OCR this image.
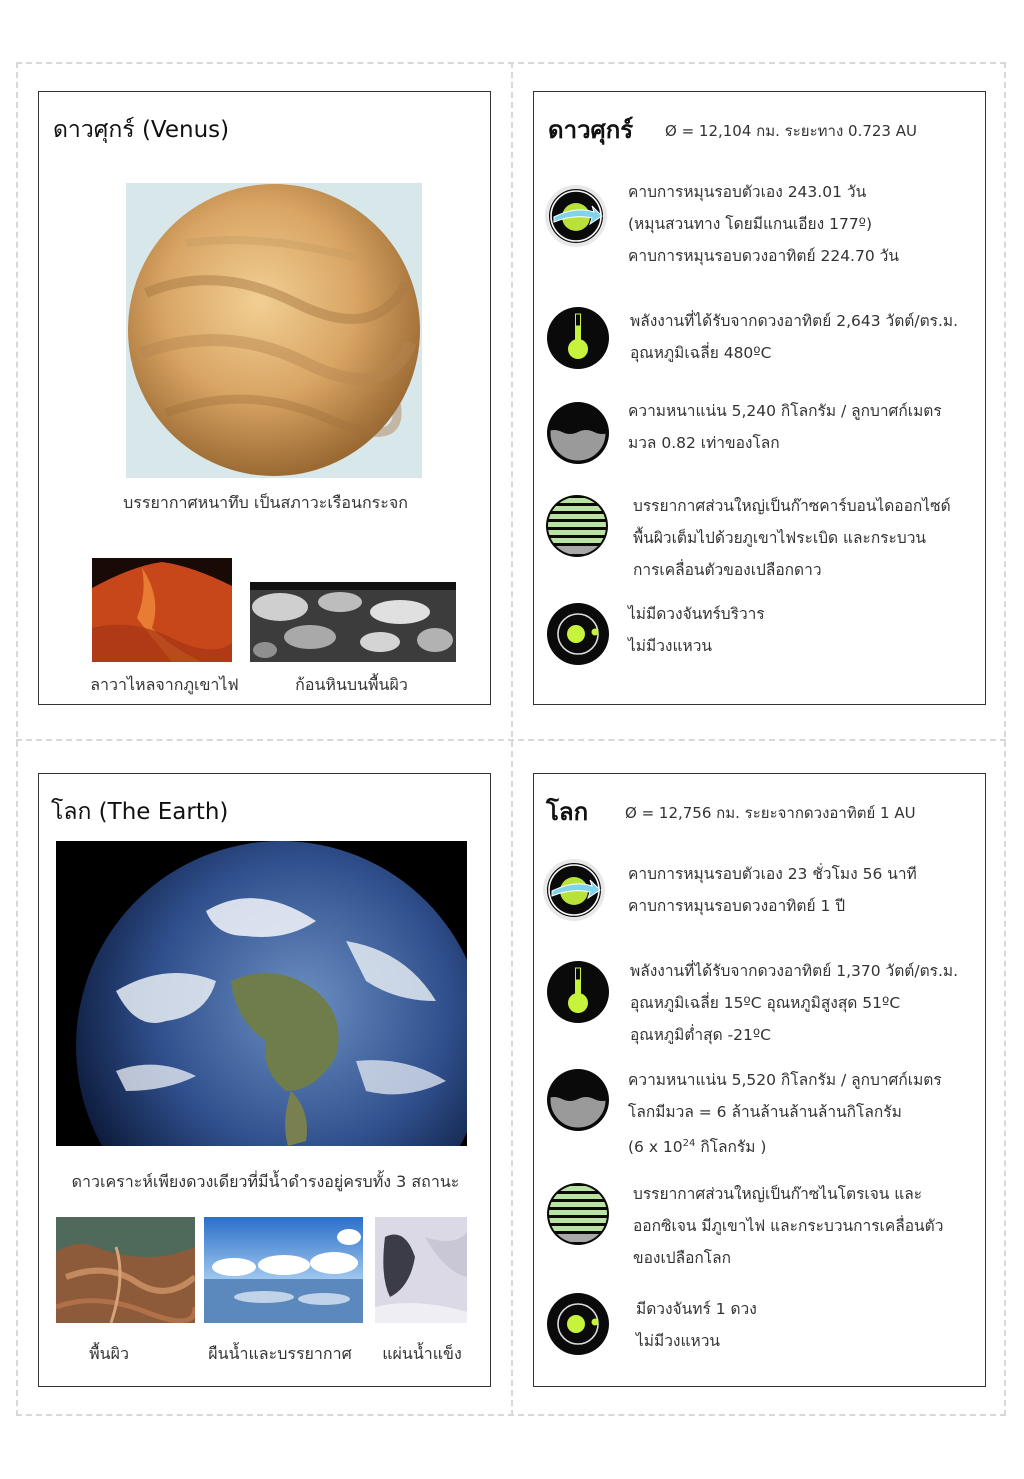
ดาวศุกร์ (Venus)
บรรยากาศหนาทึบ เป็นสภาวะเรือนกระจก
ลาวาไหลจากภูเขาไฟ	ก้อนหินบนพื้นผิว
ดาวศุกร์ Ø = 12,104 กม. ระยะทาง 0.723 AU
คาบการหมุนรอบตัวเอง 243.01 วัน
(หมุนสวนทาง โดยมีแกนเอียง 177º)
คาบการหมุนรอบดวงอาทิตย์ 224.70 วัน
พลังงานที่ได้รับจากดวงอาทิตย์ 2,643 วัตต์/ตร.ม.
อุณหภูมิเฉลี่ย 480ºC
ความหนาแน่น 5,240 กิโลกรัม / ลูกบาศก์เมตร
มวล 0.82 เท่าของโลก
บรรยากาศส่วนใหญ่เป็นก๊าซคาร์บอนไดออกไซด์
พื้นผิวเต็มไปด้วยภูเขาไฟระเบิด และกระบวน
การเคลื่อนตัวของเปลือกดาว
ไม่มีดวงจันทร์บริวาร
ไม่มีวงแหวน
โลก (The Earth)
ดาวเคราะห์เพียงดวงเดียวที่มีน้ำดำรงอยู่ครบทั้ง 3 สถานะ
พื้นผิว	ผืนน้ำและบรรยากาศ	แผ่นน้ำแข็ง
โลก Ø = 12,756 กม. ระยะจากดวงอาทิตย์ 1 AU
คาบการหมุนรอบตัวเอง 23 ชั่วโมง 56 นาที
คาบการหมุนรอบดวงอาทิตย์ 1 ปี
พลังงานที่ได้รับจากดวงอาทิตย์ 1,370 วัตต์/ตร.ม.
อุณหภูมิเฉลี่ย 15ºC อุณหภูมิสูงสุด 51ºC
อุณหภูมิต่ำสุด -21ºC
ความหนาแน่น 5,520 กิโลกรัม / ลูกบาศก์เมตร
โลกมีมวล = 6 ล้านล้านล้านล้านกิโลกรัม
(6 x $10^{24}$ กิโลกรัม )
บรรยากาศส่วนใหญ่เป็นก๊าซไนโตรเจน และ
ออกซิเจน มีภูเขาไฟ และกระบวนการเคลื่อนตัว
ของเปลือกโลก
มีดวงจันทร์ 1 ดวง
ไม่มีวงแหวน
